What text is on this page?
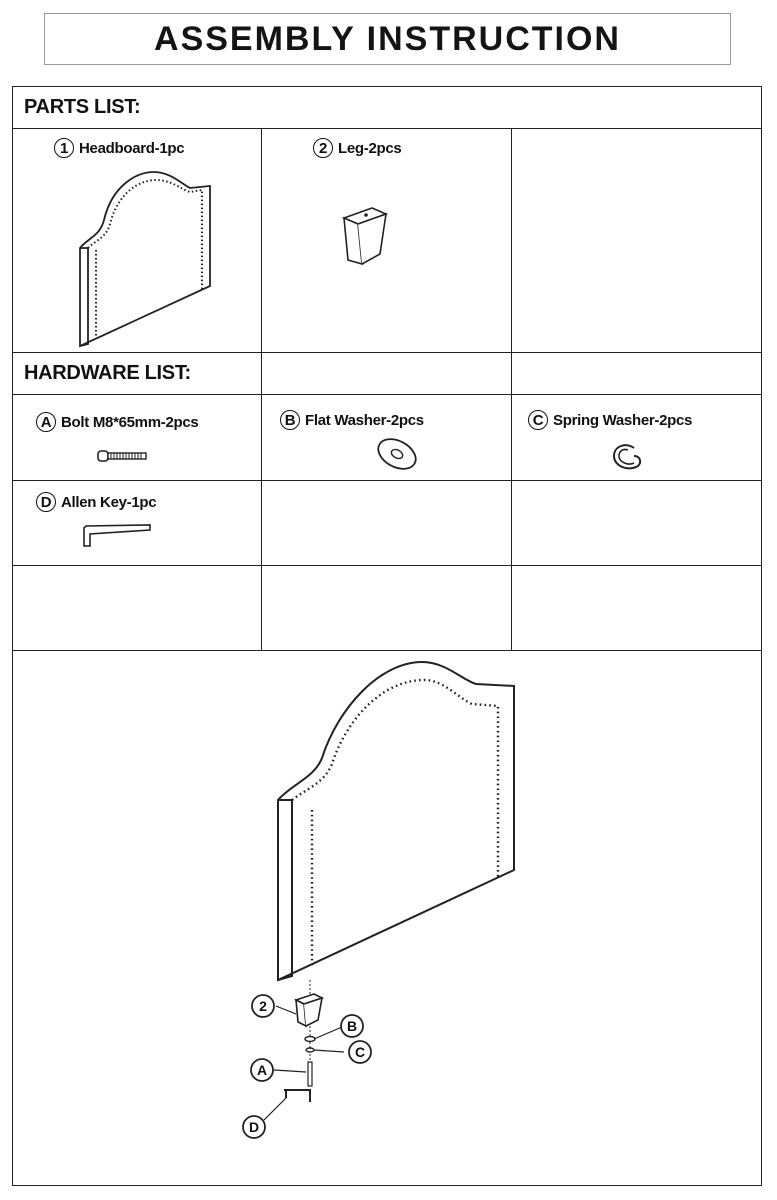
ASSEMBLY INSTRUCTION
PARTS LIST:
HARDWARE LIST:
1 Headboard-1pc	2 Leg-2pcs
A Bolt M8*65mm-2pcs	B Flat Washer-2pcs	C Spring Washer-2pcs
D Allen Key-1pc
2
B
C
A
D
